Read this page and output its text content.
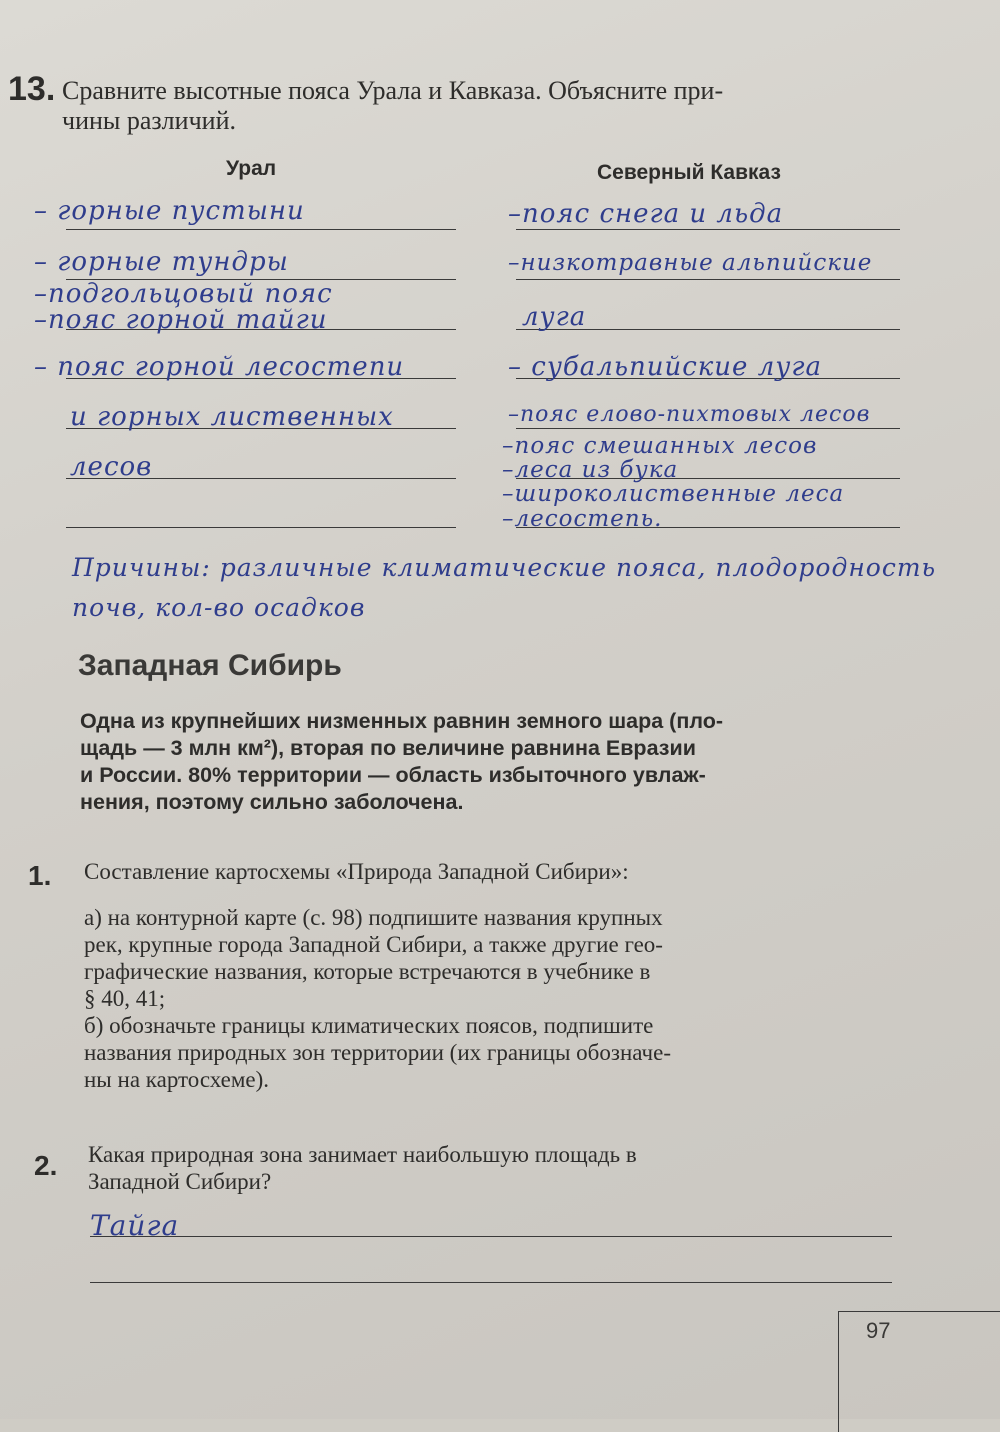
13. Сравните высотные пояса Урала и Кавказа. Объясните при-
чины различий.
Урал	Северный Кавказ
– горные пустыни
– горные тундры
–подгольцовый пояс
–пояс горной тайги
– пояс горной лесостепи
и горных лиственных
лесов
–пояс снега и льда
–низкотравные альпийские
луга
– субальпийские луга
–пояс елово-пихтовых лесов
–пояс смешанных лесов
–леса из бука
–широколиственные леса
–лесостепь.
Причины: различные климатические пояса, плодородность
почв, кол-во осадков
Западная Сибирь
Одна из крупнейших низменных равнин земного шара (пло-
щадь — 3 млн км²), вторая по величине равнина Евразии
и России. 80% территории — область избыточного увлаж-
нения, поэтому сильно заболочена.
1. Составление картосхемы «Природа Западной Сибири»:
а) на контурной карте (с. 98) подпишите названия крупных
рек, крупные города Западной Сибири, а также другие гео-
графические названия, которые встречаются в учебнике в
§ 40, 41;
б) обозначьте границы климатических поясов, подпишите
названия природных зон территории (их границы обозначе-
ны на картосхеме).
2. Какая природная зона занимает наибольшую площадь в
Западной Сибири?
Тайга
97
